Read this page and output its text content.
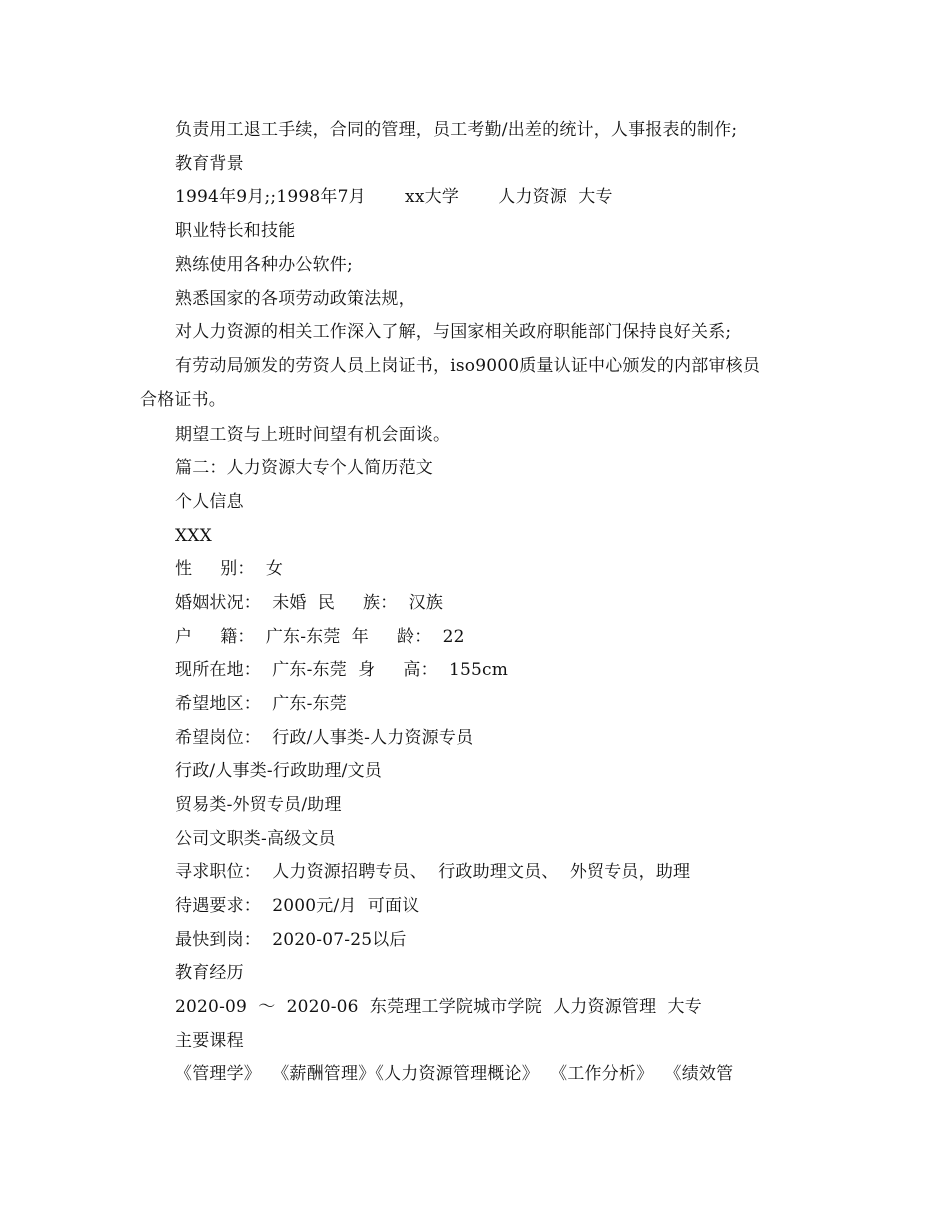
负责用工退工手续，合同的管理，员工考勤/出差的统计，人事报表的制作;
教育背景
1994年9月;;1998年7月       xx大学       人力资源  大专
职业特长和技能
熟练使用各种办公软件;
熟悉国家的各项劳动政策法规，
对人力资源的相关工作深入了解，与国家相关政府职能部门保持良好关系;
有劳动局颁发的劳资人员上岗证书，iso9000质量认证中心颁发的内部审核员
合格证书。
期望工资与上班时间望有机会面谈。
篇二：人力资源大专个人简历范文
个人信息
XXX
性     别：  女
婚姻状况：  未婚  民     族：  汉族
户     籍：  广东-东莞  年     龄：  22
现所在地：  广东-东莞  身     高：  155cm
希望地区：  广东-东莞
希望岗位：  行政/人事类-人力资源专员
行政/人事类-行政助理/文员
贸易类-外贸专员/助理
公司文职类-高级文员
寻求职位：  人力资源招聘专员、  行政助理文员、  外贸专员，助理
待遇要求：  2000元/月  可面议
最快到岗：  2020-07-25以后
教育经历
2020-09  ～  2020-06  东莞理工学院城市学院  人力资源管理  大专
主要课程
《管理学》  《薪酬管理》《人力资源管理概论》  《工作分析》  《绩效管
